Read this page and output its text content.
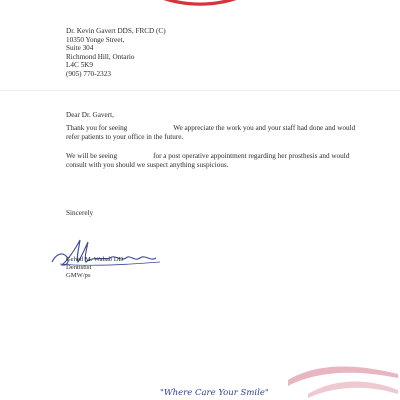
Dr. Kevin Gavert DDS, FRCD (C)
10350 Yonge Street,
Suite 304
Richmond Hill, Ontario
L4C 5K9
(905) 770-2323
Dear Dr. Gavert,
Thank you for seeing	We appreciate the work you and your staff had done and would refer patients to your office in the future.
We will be seeing	for a post operative appointment regarding her prosthesis and would consult with you should we suspect anything suspicious.
Sincerely
Gehad M. Wahab DD
Dentistist
GMW/ps
"Where Care Your Smile"
